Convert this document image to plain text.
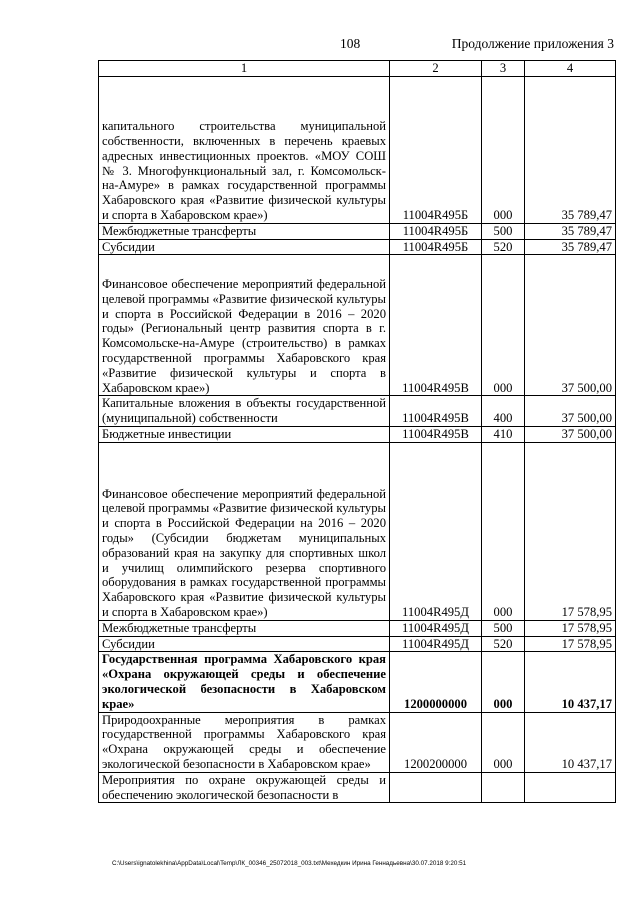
108	Продолжение приложения 3
1	2	3	4
капитального строительства муниципальной собственности, включенных в перечень краевых адресных инвестиционных проектов. «МОУ СОШ № 3. Многофункциональный зал, г. Комсомольск-на-Амуре» в рамках государственной программы Хабаровского края «Развитие физической культуры и спорта в Хабаровском крае»)	11004R495Б	000	35 789,47
Межбюджетные трансферты	11004R495Б	500	35 789,47
Субсидии	11004R495Б	520	35 789,47
Финансовое обеспечение мероприятий федеральной целевой программы «Развитие физической культуры и спорта в Российской Федерации в 2016 – 2020 годы» (Региональный центр развития спорта в г. Комсомольске-на-Амуре (строительство) в рамках государственной программы Хабаровского края «Развитие физической культуры и спорта в Хабаровском крае»)	11004R495В	000	37 500,00
Капитальные вложения в объекты государственной (муниципальной) собственности	11004R495В	400	37 500,00
Бюджетные инвестиции	11004R495В	410	37 500,00
Финансовое обеспечение мероприятий федеральной целевой программы «Развитие физической культуры и спорта в Российской Федерации на 2016 – 2020 годы» (Субсидии бюджетам муниципальных образований края на закупку для спортивных школ и училищ олимпийского резерва спортивного оборудования в рамках государственной программы Хабаровского края «Развитие физической культуры и спорта в Хабаровском крае»)	11004R495Д	000	17 578,95
Межбюджетные трансферты	11004R495Д	500	17 578,95
Субсидии	11004R495Д	520	17 578,95
Государственная программа Хабаровского края «Охрана окружающей среды и обеспечение экологической безопасности в Хабаровском крае»	1200000000	000	10 437,17
Природоохранные мероприятия в рамках государственной программы Хабаровского края «Охрана окружающей среды и обеспечение экологической безопасности в Хабаровском крае»	1200200000	000	10 437,17
Мероприятия по охране окружающей среды и обеспечению экологической безопасности в			
C:\Users\ignatolekhina\AppData\Local\Temp\ЛК_00346_25072018_003.txt\Мехедкин Ирина Геннадьевна\30.07.2018 9:20:51
